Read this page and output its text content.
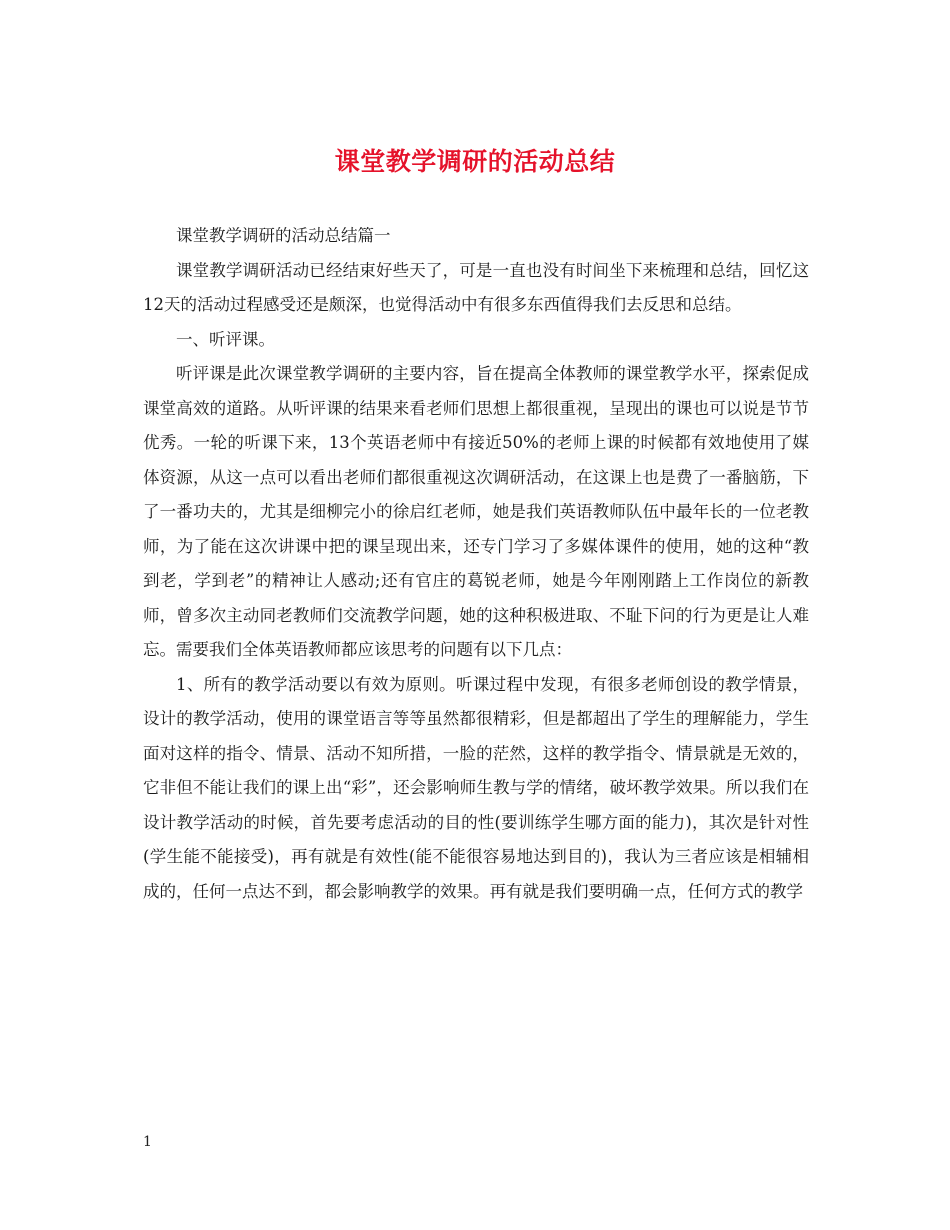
课堂教学调研的活动总结

课堂教学调研的活动总结篇一

课堂教学调研活动已经结束好些天了，可是一直也没有时间坐下来梳理和总结，回忆这12天的活动过程感受还是颇深，也觉得活动中有很多东西值得我们去反思和总结。

一、听评课。

听评课是此次课堂教学调研的主要内容，旨在提高全体教师的课堂教学水平，探索促成课堂高效的道路。从听评课的结果来看老师们思想上都很重视，呈现出的课也可以说是节节优秀。一轮的听课下来，13个英语老师中有接近50%的老师上课的时候都有效地使用了媒体资源，从这一点可以看出老师们都很重视这次调研活动，在这课上也是费了一番脑筋，下了一番功夫的，尤其是细柳完小的徐启红老师，她是我们英语教师队伍中最年长的一位老教师，为了能在这次讲课中把的课呈现出来，还专门学习了多媒体课件的使用，她的这种“教到老，学到老”的精神让人感动;还有官庄的葛锐老师，她是今年刚刚踏上工作岗位的新教师，曾多次主动同老教师们交流教学问题，她的这种积极进取、不耻下问的行为更是让人难忘。需要我们全体英语教师都应该思考的问题有以下几点：

1、所有的教学活动要以有效为原则。听课过程中发现，有很多老师创设的教学情景，设计的教学活动，使用的课堂语言等等虽然都很精彩，但是都超出了学生的理解能力，学生面对这样的指令、情景、活动不知所措，一脸的茫然，这样的教学指令、情景就是无效的，它非但不能让我们的课上出“彩”，还会影响师生教与学的情绪，破坏教学效果。所以我们在设计教学活动的时候，首先要考虑活动的目的性(要训练学生哪方面的能力)，其次是针对性(学生能不能接受)，再有就是有效性(能不能很容易地达到目的)，我认为三者应该是相辅相成的，任何一点达不到，都会影响教学的效果。再有就是我们要明确一点，任何方式的教学

1
